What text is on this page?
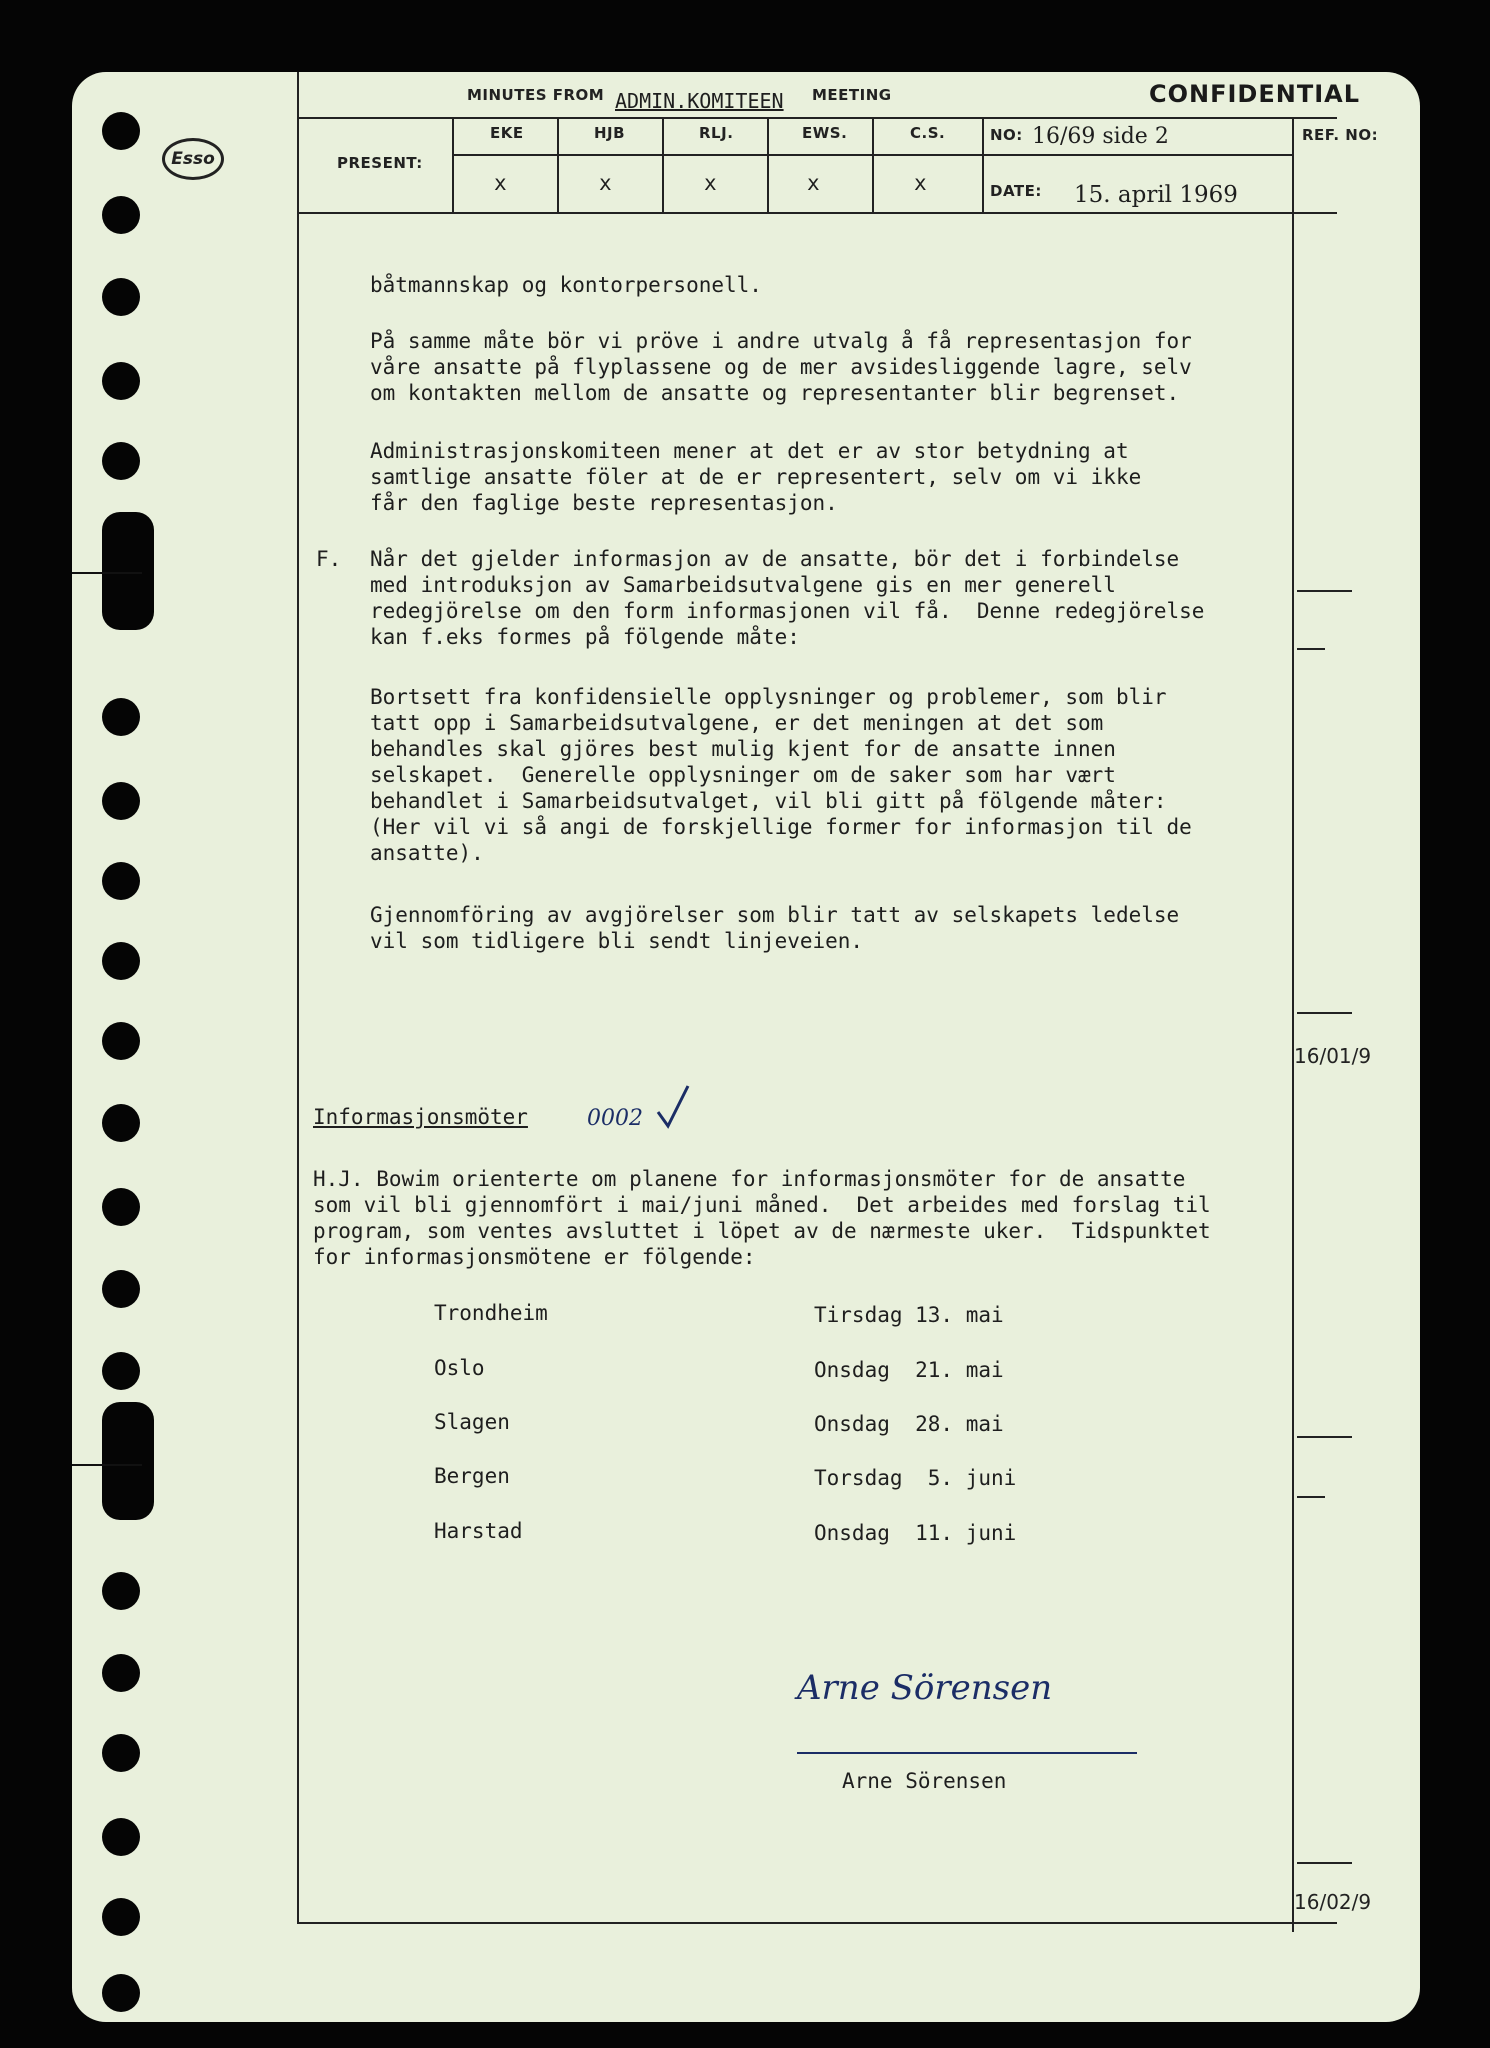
Esso
MINUTES FROM ADMIN.KOMITEEN MEETING	CONFIDENTIAL
PRESENT:
EKE	HJB	RLJ.	EWS.	C.S.
x	x	x	x	x
NO: 16/69 side 2
DATE: 15. april 1969
REF. NO:
båtmannskap og kontorpersonell.
På samme måte bör vi pröve i andre utvalg å få representasjon for
våre ansatte på flyplassene og de mer avsidesliggende lagre, selv
om kontakten mellom de ansatte og representanter blir begrenset.
Administrasjonskomiteen mener at det er av stor betydning at
samtlige ansatte föler at de er representert, selv om vi ikke
får den faglige beste representasjon.
F. Når det gjelder informasjon av de ansatte, bör det i forbindelse
med introduksjon av Samarbeidsutvalgene gis en mer generell
redegjörelse om den form informasjonen vil få.  Denne redegjörelse
kan f.eks formes på fölgende måte:
Bortsett fra konfidensielle opplysninger og problemer, som blir
tatt opp i Samarbeidsutvalgene, er det meningen at det som
behandles skal gjöres best mulig kjent for de ansatte innen
selskapet.  Generelle opplysninger om de saker som har vært
behandlet i Samarbeidsutvalget, vil bli gitt på fölgende måter:
(Her vil vi så angi de forskjellige former for informasjon til de
ansatte).
Gjennomföring av avgjörelser som blir tatt av selskapets ledelse
vil som tidligere bli sendt linjeveien.
Informasjonsmöter	0002
H.J. Bowim orienterte om planene for informasjonsmöter for de ansatte
som vil bli gjennomfört i mai/juni måned.  Det arbeides med forslag til
program, som ventes avsluttet i löpet av de nærmeste uker.  Tidspunktet
for informasjonsmötene er fölgende:
Trondheim	Tirsdag 13. mai
Oslo	Onsdag  21. mai
Slagen	Onsdag  28. mai
Bergen	Torsdag  5. juni
Harstad	Onsdag  11. juni
Arne Sörensen
Arne Sörensen
16/01/9
16/02/9
